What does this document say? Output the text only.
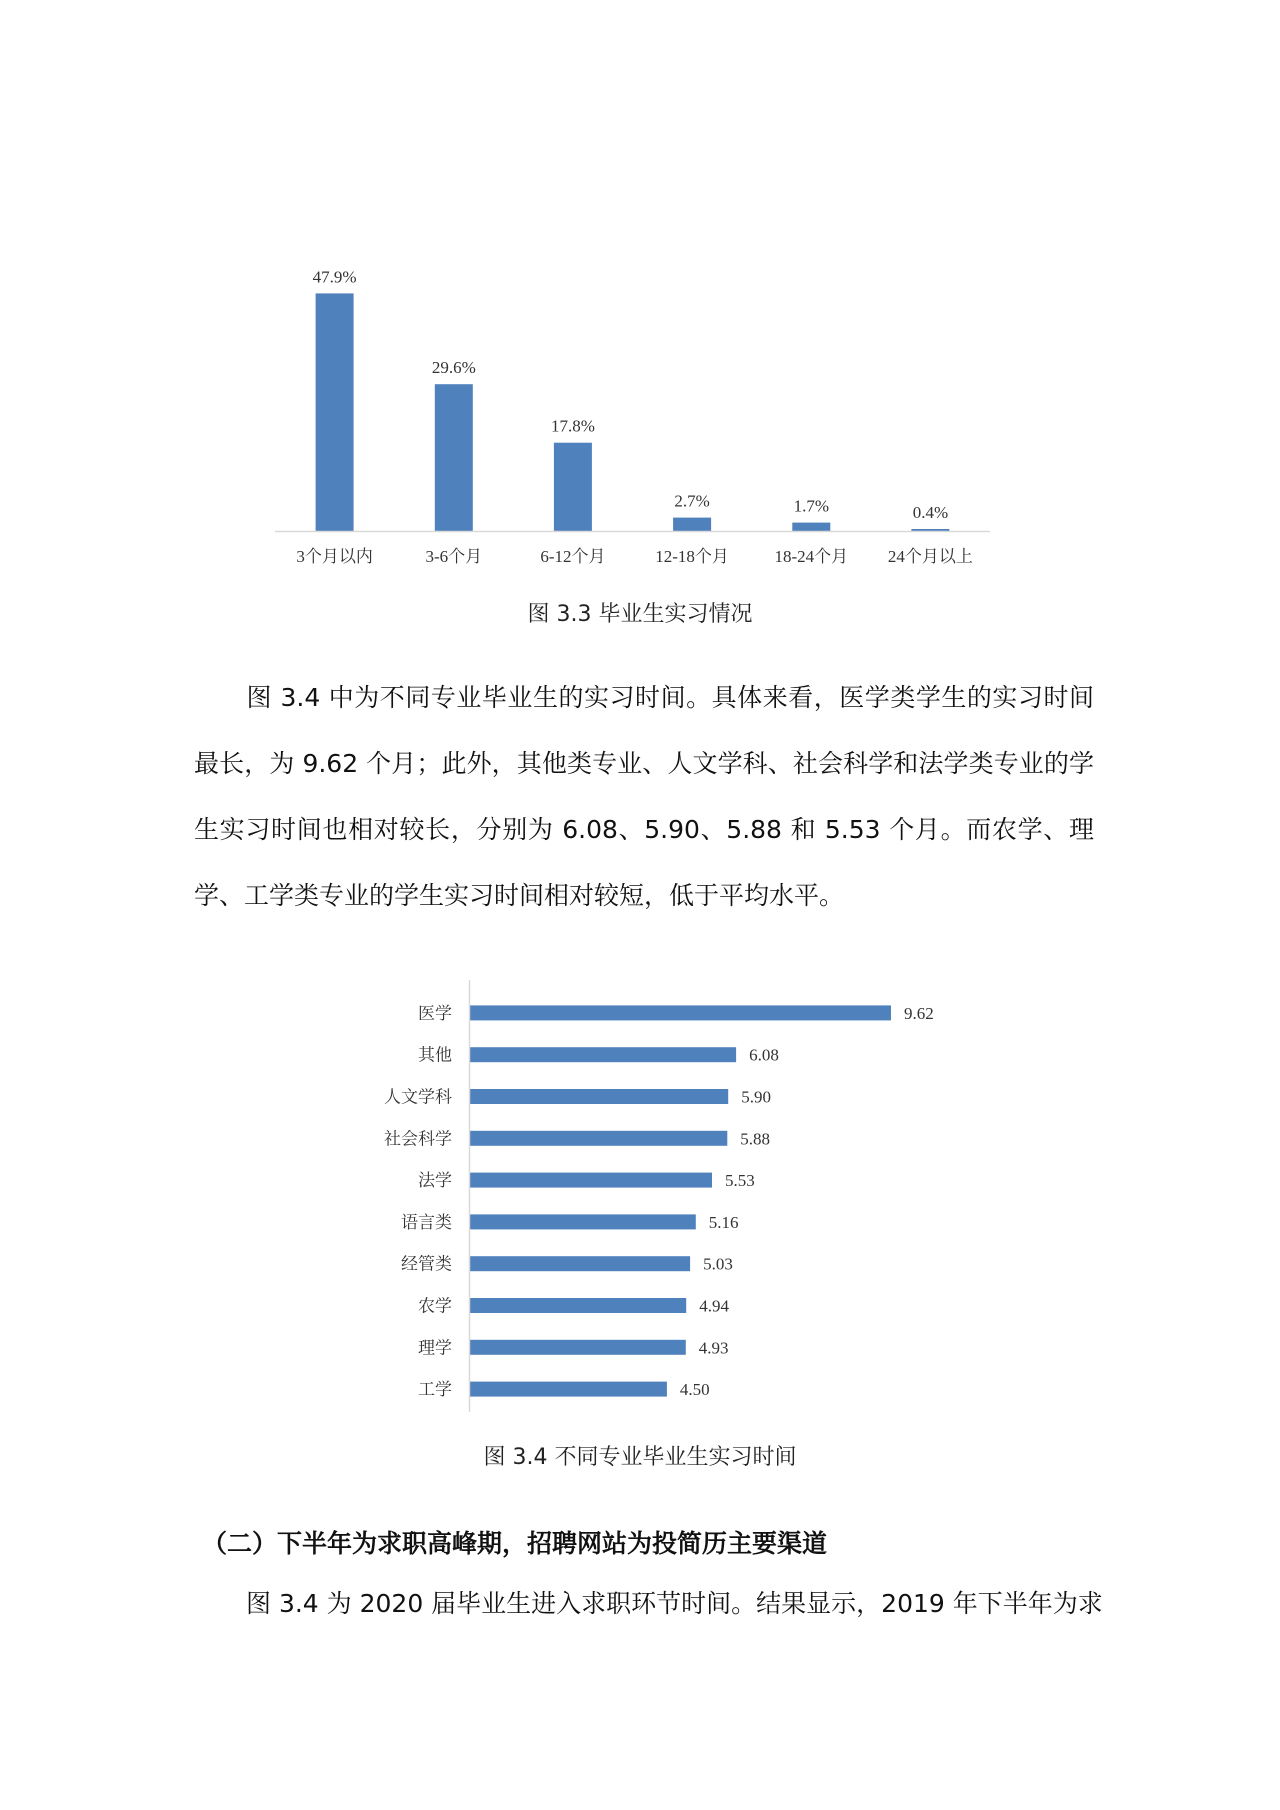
47.9%
3个月以内
29.6%
3-6个月
17.8%
6-12个月
2.7%
12-18个月
1.7%
18-24个月
0.4%
24个月以上
图 3.3 毕业生实习情况

图 3.4 中为不同专业毕业生的实习时间。具体来看，医学类学生的实习时间最长，为 9.62 个月；此外，其他类专业、人文学科、社会科学和法学类专业的学生实习时间也相对较长，分别为 6.08、5.90、5.88 和 5.53 个月。而农学、理学、工学类专业的学生实习时间相对较短，低于平均水平。

9.62
医学
6.08
其他
5.90
人文学科
5.88
社会科学
5.53
法学
5.16
语言类
5.03
经管类
4.94
农学
4.93
理学
4.50
工学
图 3.4 不同专业毕业生实习时间
（二）下半年为求职高峰期，招聘网站为投简历主要渠道

图 3.4 为 2020 届毕业生进入求职环节时间。结果显示，2019 年下半年为求
